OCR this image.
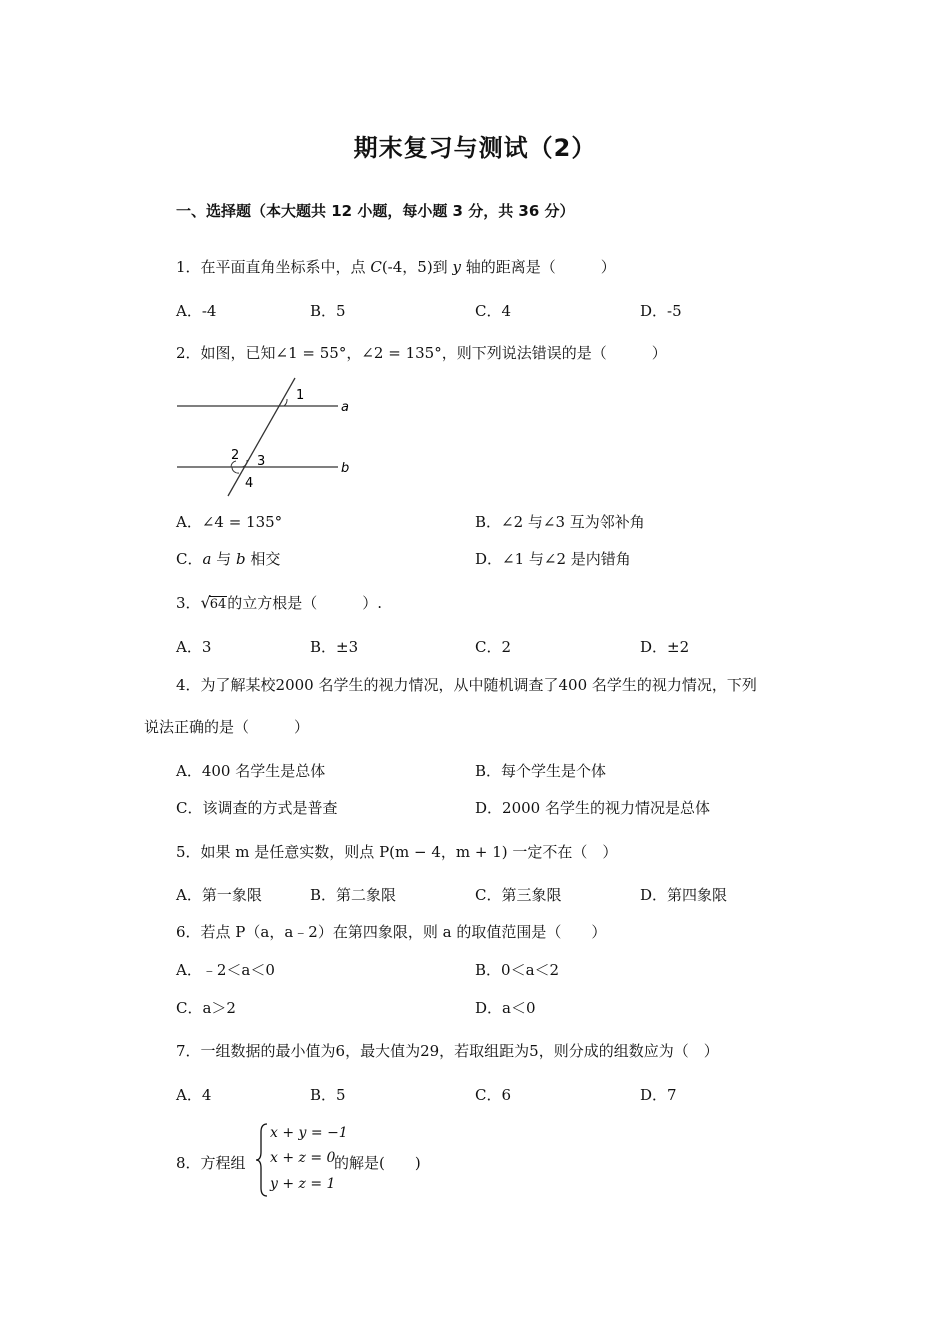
期末复习与测试（2）
一、选择题（本大题共 12 小题，每小题 3 分，共 36 分）
1．在平面直角坐标系中，点 C(-4，5)到 y 轴的距离是（　　　）
A．-4	B．5	C．4	D．-5
2．如图，已知∠1 = 55°，∠2 = 135°，则下列说法错误的是（　　　）
1
a
2 3
4
b
A．∠4 = 135°	B．∠2 与∠3 互为邻补角
C．a 与 b 相交	D．∠1 与∠2 是内错角
3．√64的立方根是（　　　）.
A．3	B．±3	C．2	D．±2
4．为了解某校2000 名学生的视力情况，从中随机调查了400 名学生的视力情况，下列
说法正确的是（　　　）
A．400 名学生是总体	B．每个学生是个体
C．该调查的方式是普查	D．2000 名学生的视力情况是总体
5．如果 m 是任意实数，则点 P(m − 4，m + 1) 一定不在（　）
A．第一象限	B．第二象限	C．第三象限	D．第四象限
6．若点 P（a，a﹣2）在第四象限，则 a 的取值范围是（　　）
A．﹣2＜a＜0	B．0＜a＜2
C．a＞2	D．a＜0
7．一组数据的最小值为6，最大值为29，若取组距为5，则分成的组数应为（　）
A．4	B．5	C．6	D．7
8．方程组
x + y = −1
x + z = 0
y + z = 1
的解是(　　)
